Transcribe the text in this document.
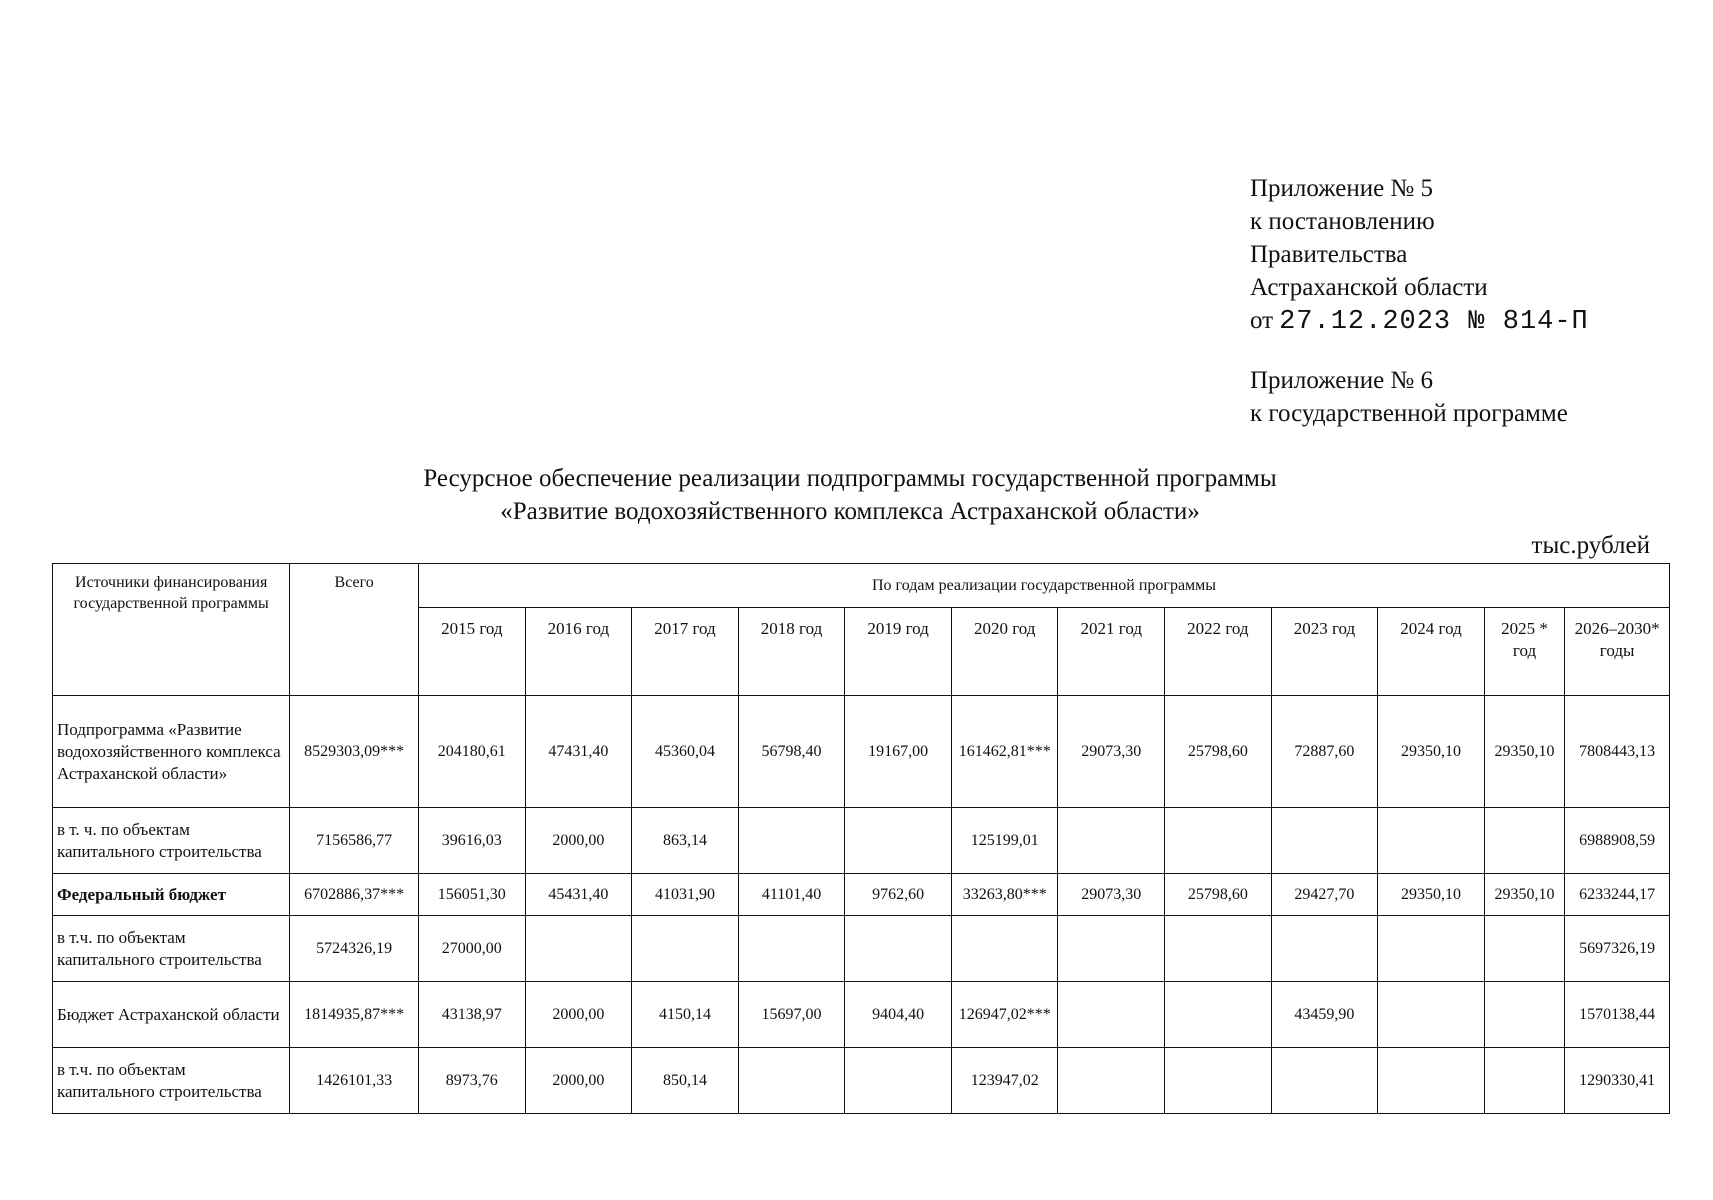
Приложение № 5
к постановлению
Правительства
Астраханской области
от 27.12.2023 № 814-П
Приложение № 6
к государственной программе
Ресурсное обеспечение реализации подпрограммы государственной программы
«Развитие водохозяйственного комплекса Астраханской области»
тыс.рублей
Источники финансирования государственной программы	Всего	По годам реализации государственной программы											
		2015 год	2016 год	2017 год	2018 год	2019 год	2020 год	2021 год	2022 год	2023 год	2024 год	2025 * год	2026–2030* годы
Подпрограмма «Развитие водохозяйственного комплекса Астраханской области»	8529303,09***	204180,61	47431,40	45360,04	56798,40	19167,00	161462,81***	29073,30	25798,60	72887,60	29350,10	29350,10	7808443,13
в т. ч. по объектам капитального строительства	7156586,77	39616,03	2000,00	863,14			125199,01						6988908,59
Федеральный бюджет	6702886,37***	156051,30	45431,40	41031,90	41101,40	9762,60	33263,80***	29073,30	25798,60	29427,70	29350,10	29350,10	6233244,17
в т.ч. по объектам капитального строительства	5724326,19	27000,00											5697326,19
Бюджет Астраханской области	1814935,87***	43138,97	2000,00	4150,14	15697,00	9404,40	126947,02***			43459,90			1570138,44
в т.ч. по объектам капитального строительства	1426101,33	8973,76	2000,00	850,14			123947,02						1290330,41
